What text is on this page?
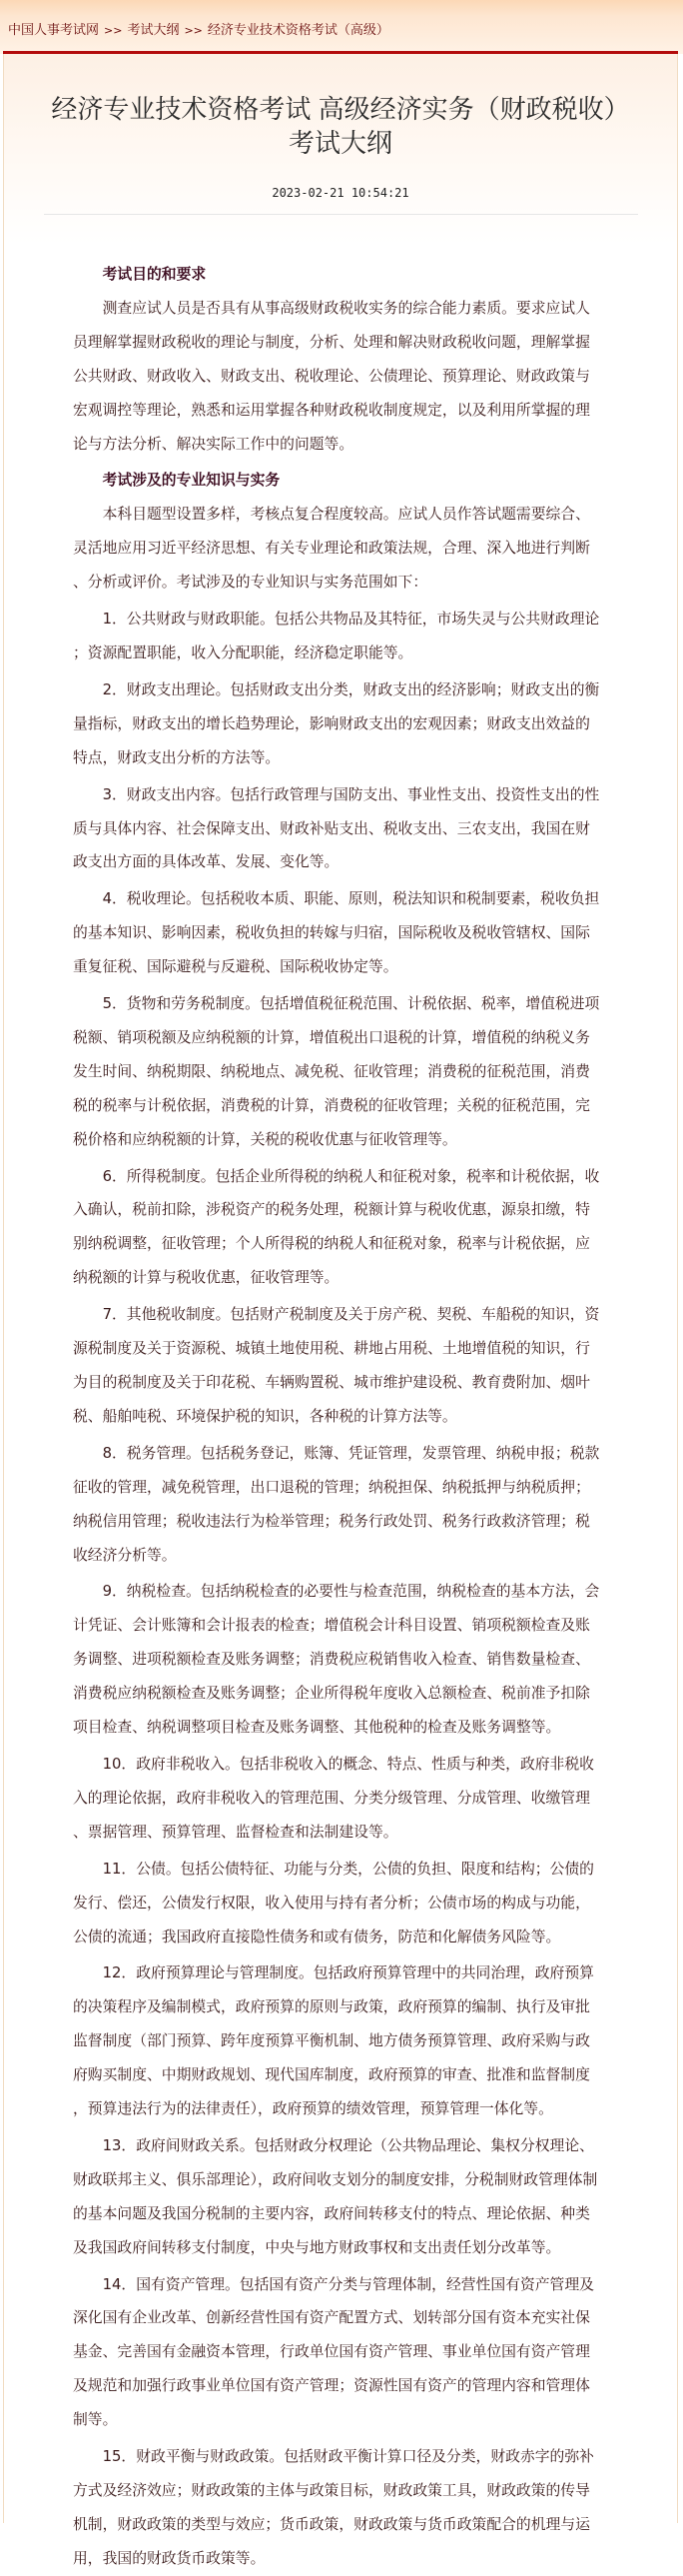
中国人事考试网 >> 考试大纲 >> 经济专业技术资格考试（高级）
经济专业技术资格考试 高级经济实务（财政税收）
考试大纲
2023-02-21 10:54:21
考试目的和要求

测查应试人员是否具有从事高级财政税收实务的综合能力素质。要求应试人员理解掌握财政税收的理论与制度，分析、处理和解决财政税收问题，理解掌握公共财政、财政收入、财政支出、税收理论、公债理论、预算理论、财政政策与宏观调控等理论，熟悉和运用掌握各种财政税收制度规定，以及利用所掌握的理论与方法分析、解决实际工作中的问题等。

考试涉及的专业知识与实务

本科目题型设置多样，考核点复合程度较高。应试人员作答试题需要综合、灵活地应用习近平经济思想、有关专业理论和政策法规，合理、深入地进行判断、分析或评价。考试涉及的专业知识与实务范围如下：

1．公共财政与财政职能。包括公共物品及其特征，市场失灵与公共财政理论；资源配置职能，收入分配职能，经济稳定职能等。

2．财政支出理论。包括财政支出分类，财政支出的经济影响；财政支出的衡量指标，财政支出的增长趋势理论，影响财政支出的宏观因素；财政支出效益的特点，财政支出分析的方法等。

3．财政支出内容。包括行政管理与国防支出、事业性支出、投资性支出的性质与具体内容、社会保障支出、财政补贴支出、税收支出、三农支出，我国在财政支出方面的具体改革、发展、变化等。

4．税收理论。包括税收本质、职能、原则，税法知识和税制要素，税收负担的基本知识、影响因素，税收负担的转嫁与归宿，国际税收及税收管辖权、国际重复征税、国际避税与反避税、国际税收协定等。

5．货物和劳务税制度。包括增值税征税范围、计税依据、税率，增值税进项税额、销项税额及应纳税额的计算，增值税出口退税的计算，增值税的纳税义务发生时间、纳税期限、纳税地点、减免税、征收管理；消费税的征税范围，消费税的税率与计税依据，消费税的计算，消费税的征收管理；关税的征税范围，完税价格和应纳税额的计算，关税的税收优惠与征收管理等。

6．所得税制度。包括企业所得税的纳税人和征税对象，税率和计税依据，收入确认，税前扣除，涉税资产的税务处理，税额计算与税收优惠，源泉扣缴，特别纳税调整，征收管理；个人所得税的纳税人和征税对象，税率与计税依据，应纳税额的计算与税收优惠，征收管理等。

7．其他税收制度。包括财产税制度及关于房产税、契税、车船税的知识，资源税制度及关于资源税、城镇土地使用税、耕地占用税、土地增值税的知识，行为目的税制度及关于印花税、车辆购置税、城市维护建设税、教育费附加、烟叶税、船舶吨税、环境保护税的知识，各种税的计算方法等。

8．税务管理。包括税务登记，账簿、凭证管理，发票管理、纳税申报；税款征收的管理，减免税管理，出口退税的管理；纳税担保、纳税抵押与纳税质押；纳税信用管理；税收违法行为检举管理；税务行政处罚、税务行政救济管理；税收经济分析等。

9．纳税检查。包括纳税检查的必要性与检查范围，纳税检查的基本方法，会计凭证、会计账簿和会计报表的检查；增值税会计科目设置、销项税额检查及账务调整、进项税额检查及账务调整；消费税应税销售收入检查、销售数量检查、消费税应纳税额检查及账务调整；企业所得税年度收入总额检查、税前准予扣除项目检查、纳税调整项目检查及账务调整、其他税种的检查及账务调整等。

10．政府非税收入。包括非税收入的概念、特点、性质与种类，政府非税收入的理论依据，政府非税收入的管理范围、分类分级管理、分成管理、收缴管理、票据管理、预算管理、监督检查和法制建设等。

11．公债。包括公债特征、功能与分类，公债的负担、限度和结构；公债的发行、偿还，公债发行权限，收入使用与持有者分析；公债市场的构成与功能，公债的流通；我国政府直接隐性债务和或有债务，防范和化解债务风险等。

12．政府预算理论与管理制度。包括政府预算管理中的共同治理，政府预算的决策程序及编制模式，政府预算的原则与政策，政府预算的编制、执行及审批监督制度（部门预算、跨年度预算平衡机制、地方债务预算管理、政府采购与政府购买制度、中期财政规划、现代国库制度，政府预算的审查、批准和监督制度，预算违法行为的法律责任），政府预算的绩效管理，预算管理一体化等。

13．政府间财政关系。包括财政分权理论（公共物品理论、集权分权理论、财政联邦主义、俱乐部理论），政府间收支划分的制度安排，分税制财政管理体制的基本问题及我国分税制的主要内容，政府间转移支付的特点、理论依据、种类及我国政府间转移支付制度，中央与地方财政事权和支出责任划分改革等。

14．国有资产管理。包括国有资产分类与管理体制，经营性国有资产管理及深化国有企业改革、创新经营性国有资产配置方式、划转部分国有资本充实社保基金、完善国有金融资本管理，行政单位国有资产管理、事业单位国有资产管理及规范和加强行政事业单位国有资产管理；资源性国有资产的管理内容和管理体制等。

15．财政平衡与财政政策。包括财政平衡计算口径及分类，财政赤字的弥补方式及经济效应；财政政策的主体与政策目标，财政政策工具，财政政策的传导机制，财政政策的类型与效应；货币政策，财政政策与货币政策配合的机理与运用，我国的财政货币政策等。
